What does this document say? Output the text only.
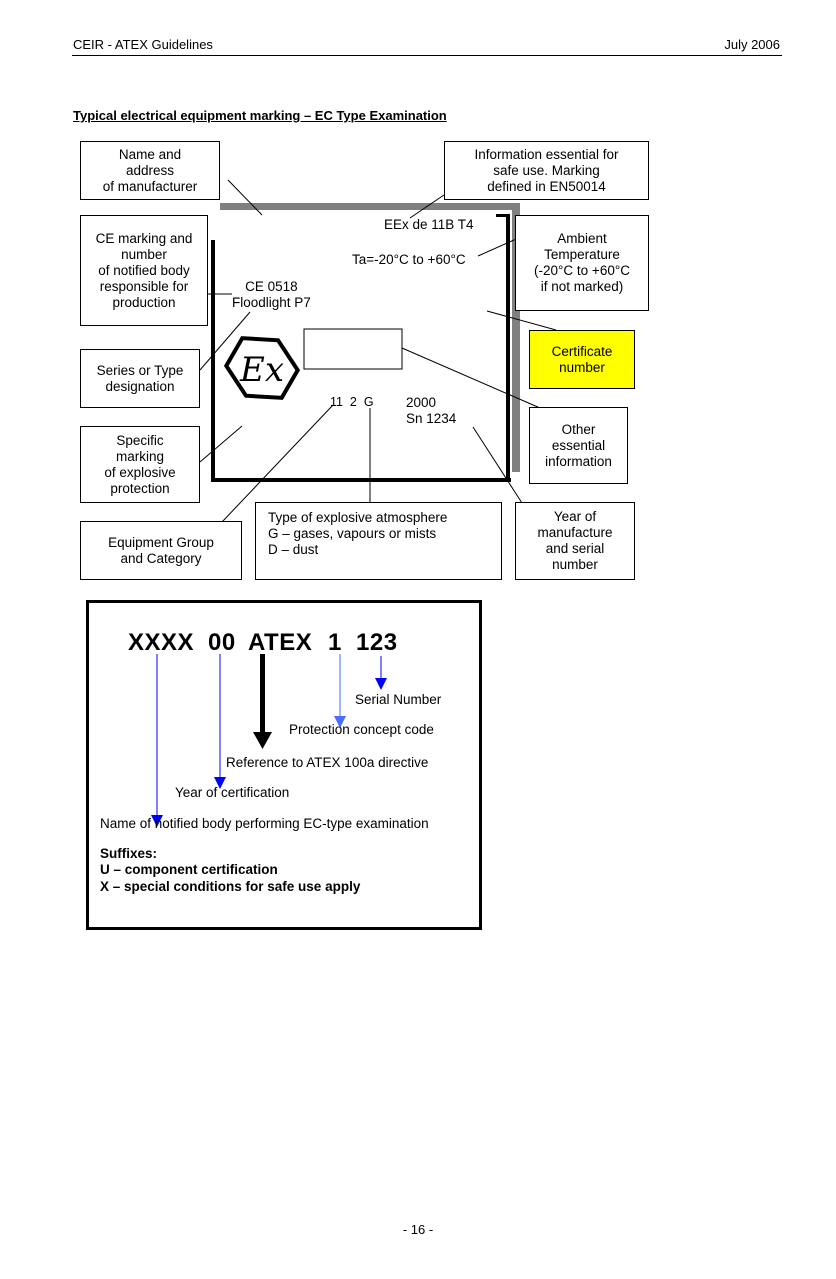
CEIR - ATEX Guidelines	July 2006
Typical electrical equipment marking – EC Type Examination
Ex
Name and
address
of manufacturer
Information essential for
safe use. Marking
defined in EN50014
CE marking and
number
of notified body
responsible for
production
Ambient
Temperature
(-20°C to +60°C
if not marked)
Certificate
number
Series or Type
designation
Specific
marking
of explosive
protection
Other
essential
information
Equipment Group
and Category
Type of explosive atmosphere
G – gases, vapours or mists
D – dust
Year of
manufacture
and serial
number
EEx de 11B T4
Ta=-20°C to +60°C
CE 0518
Floodlight P7
11  2  G 2000
Sn 1234
XXXX 00 ATEX 1 123
Serial Number
Protection concept code
Reference to ATEX 100a directive
Year of certification
Name of notified body performing EC-type examination
Suffixes:
U – component certification
X – special conditions for safe use apply
- 16 -
